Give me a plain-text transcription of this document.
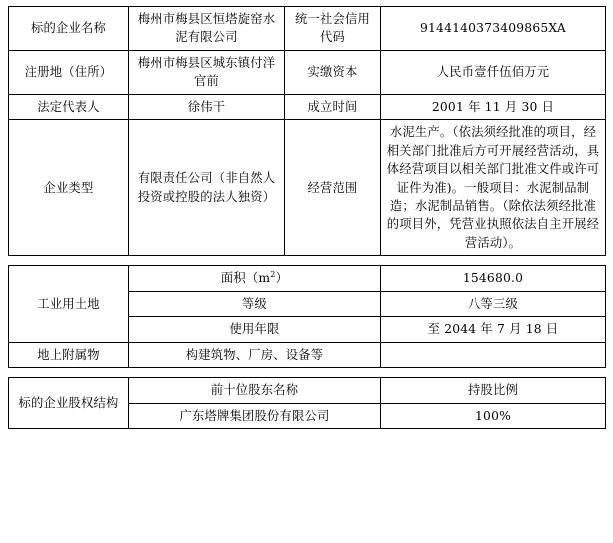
标的企业名称	梅州市梅县区恒塔旋窑水泥有限公司	统一社会信用代码	9144140373409865XA
注册地（住所）	梅州市梅县区城东镇付洋官前	实缴资本	人民币壹仟伍佰万元
法定代表人	徐伟干	成立时间	2001 年 11 月 30 日
企业类型	有限责任公司（非自然人投资或控股的法人独资）	经营范围	水泥生产。（依法须经批准的项目，经相关部门批准后方可开展经营活动，具体经营项目以相关部门批准文件或许可证件为准)。一般项目：水泥制品制造；水泥制品销售。（除依法须经批准的项目外，凭营业执照依法自主开展经营活动）。
工业用土地	面积$(m^2)$	154680.0
	等级	八等三级
	使用年限	至 2044 年 7 月 18 日
地上附属物	构建筑物、厂房、设备等	
标的企业股权结构	前十位股东名称	持股比例
	广东塔牌集团股份有限公司	100%
